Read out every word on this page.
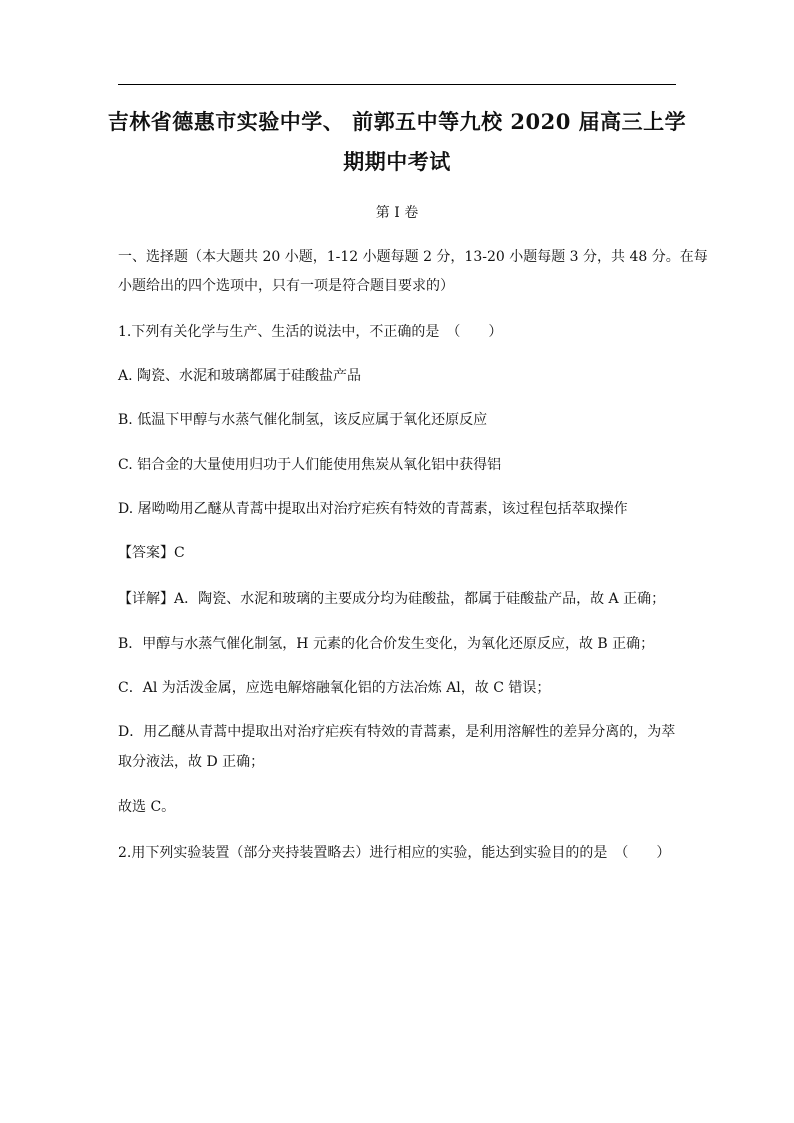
吉林省德惠市实验中学、 前郭五中等九校 2020 届高三上学
期期中考试
第 I 卷
一、选择题（本大题共 20 小题，1-12 小题每题 2 分，13-20 小题每题 3 分，共 48 分。在每
小题给出的四个选项中，只有一项是符合题目要求的）
1.下列有关化学与生产、生活的说法中，不正确的是　（　　）
A. 陶瓷、水泥和玻璃都属于硅酸盐产品
B. 低温下甲醇与水蒸气催化制氢，该反应属于氧化还原反应
C. 铝合金的大量使用归功于人们能使用焦炭从氧化铝中获得铝
D. 屠呦呦用乙醚从青蒿中提取出对治疗疟疾有特效的青蒿素，该过程包括萃取操作
【答案】C
【详解】A．陶瓷、水泥和玻璃的主要成分均为硅酸盐，都属于硅酸盐产品，故 A 正确；
B．甲醇与水蒸气催化制氢，H 元素的化合价发生变化，为氧化还原反应，故 B 正确；
C．Al 为活泼金属，应选电解熔融氧化铝的方法冶炼 Al，故 C 错误；
D．用乙醚从青蒿中提取出对治疗疟疾有特效的青蒿素，是利用溶解性的差异分离的，为萃
取分液法，故 D 正确；
故选 C。
2.用下列实验装置（部分夹持装置略去）进行相应的实验，能达到实验目的的是　（　　）
